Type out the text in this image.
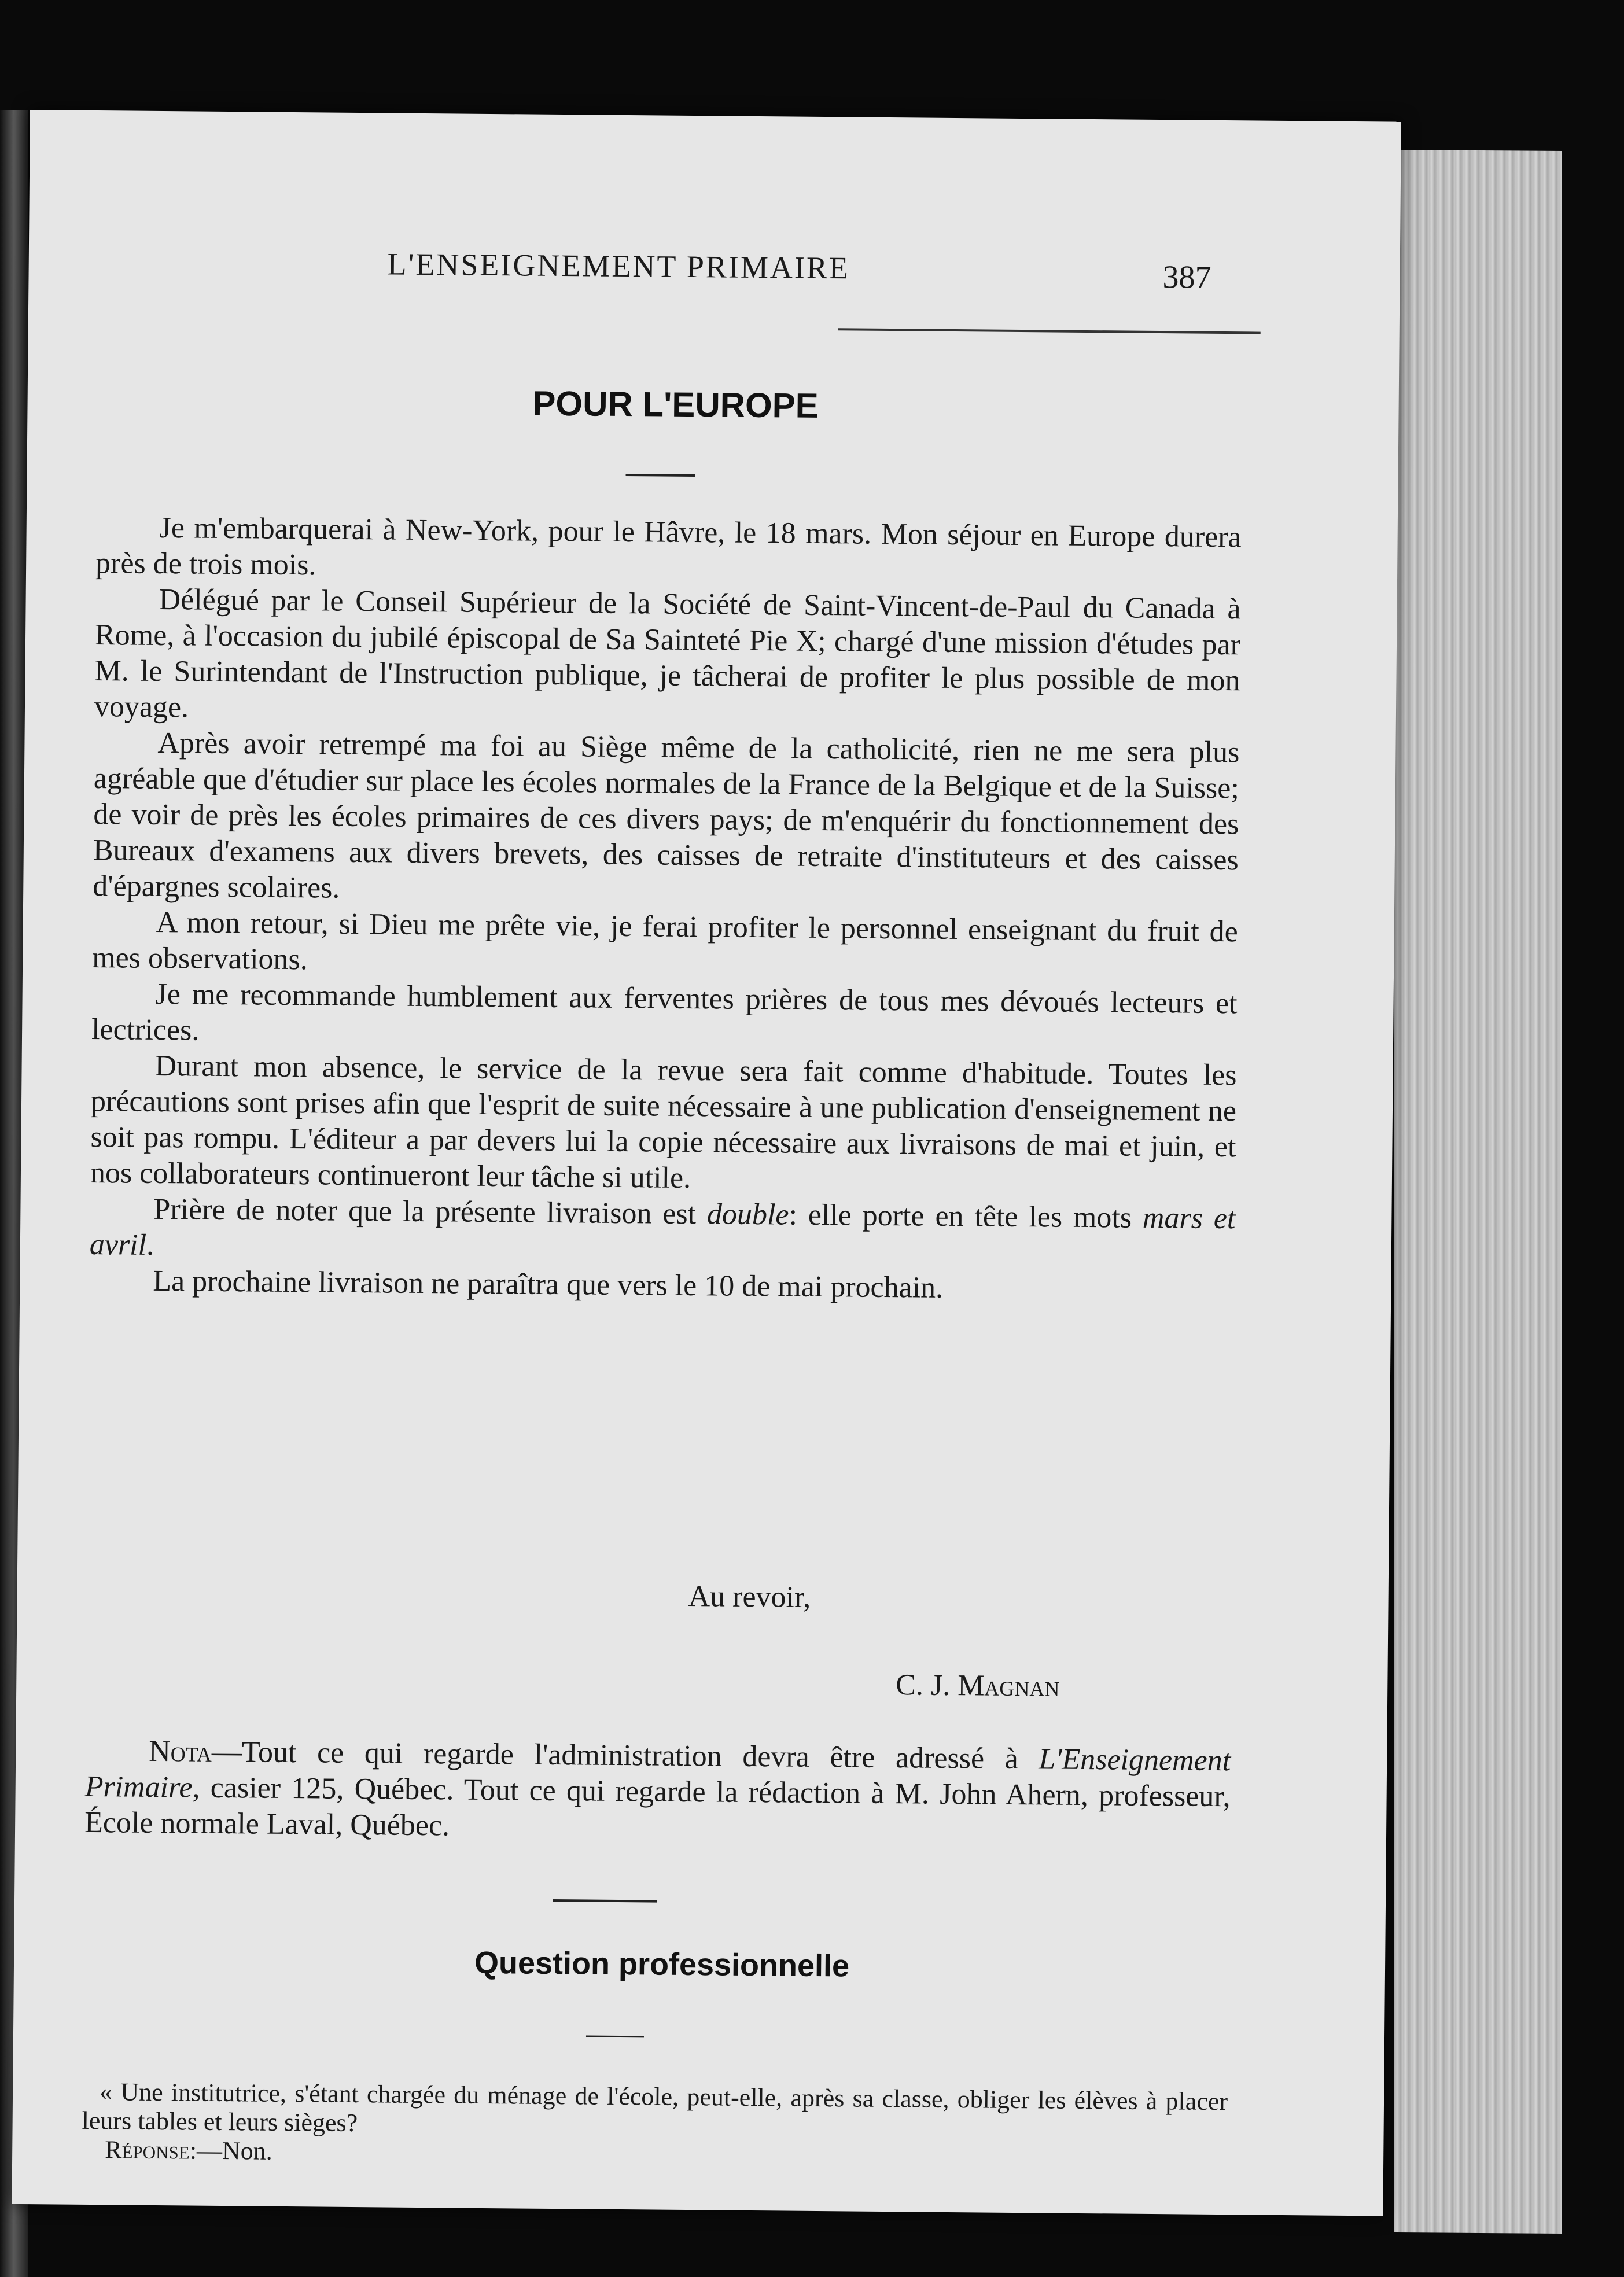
L'ENSEIGNEMENT PRIMAIRE	387
POUR L'EUROPE

Je m'embarquerai à New-York, pour le Hâvre, le 18 mars. Mon séjour en Europe durera près de trois mois.

Délégué par le Conseil Supérieur de la Société de Saint-Vincent-de-Paul du Canada à Rome, à l'occasion du jubilé épiscopal de Sa Sainteté Pie X; chargé d'une mission d'études par M. le Surintendant de l'Instruction publique, je tâcherai de profiter le plus possible de mon voyage.

Après avoir retrempé ma foi au Siège même de la catholicité, rien ne me sera plus agréable que d'étudier sur place les écoles normales de la France de la Belgique et de la Suisse; de voir de près les écoles primaires de ces divers pays; de m'enquérir du fonctionnement des Bureaux d'examens aux divers brevets, des caisses de retraite d'instituteurs et des caisses d'épargnes scolaires.

A mon retour, si Dieu me prête vie, je ferai profiter le personnel enseignant du fruit de mes observations.

Je me recommande humblement aux ferventes prières de tous mes dévoués lecteurs et lectrices.

Durant mon absence, le service de la revue sera fait comme d'habitude. Toutes les précautions sont prises afin que l'esprit de suite nécessaire à une publication d'enseignement ne soit pas rompu. L'éditeur a par devers lui la copie nécessaire aux livraisons de mai et juin, et nos collaborateurs continueront leur tâche si utile.

Prière de noter que la présente livraison est double: elle porte en tête les mots mars et avril.

La prochaine livraison ne paraîtra que vers le 10 de mai prochain.

Au revoir,
C. J. Magnan

Nota—Tout ce qui regarde l'administration devra être adressé à L'Enseignement Primaire, casier 125, Québec. Tout ce qui regarde la rédaction à M. John Ahern, professeur, École normale Laval, Québec.

Question professionnelle

« Une institutrice, s'étant chargée du ménage de l'école, peut-elle, après sa classe, obliger les élèves à placer leurs tables et leurs sièges?

Réponse:—Non.
